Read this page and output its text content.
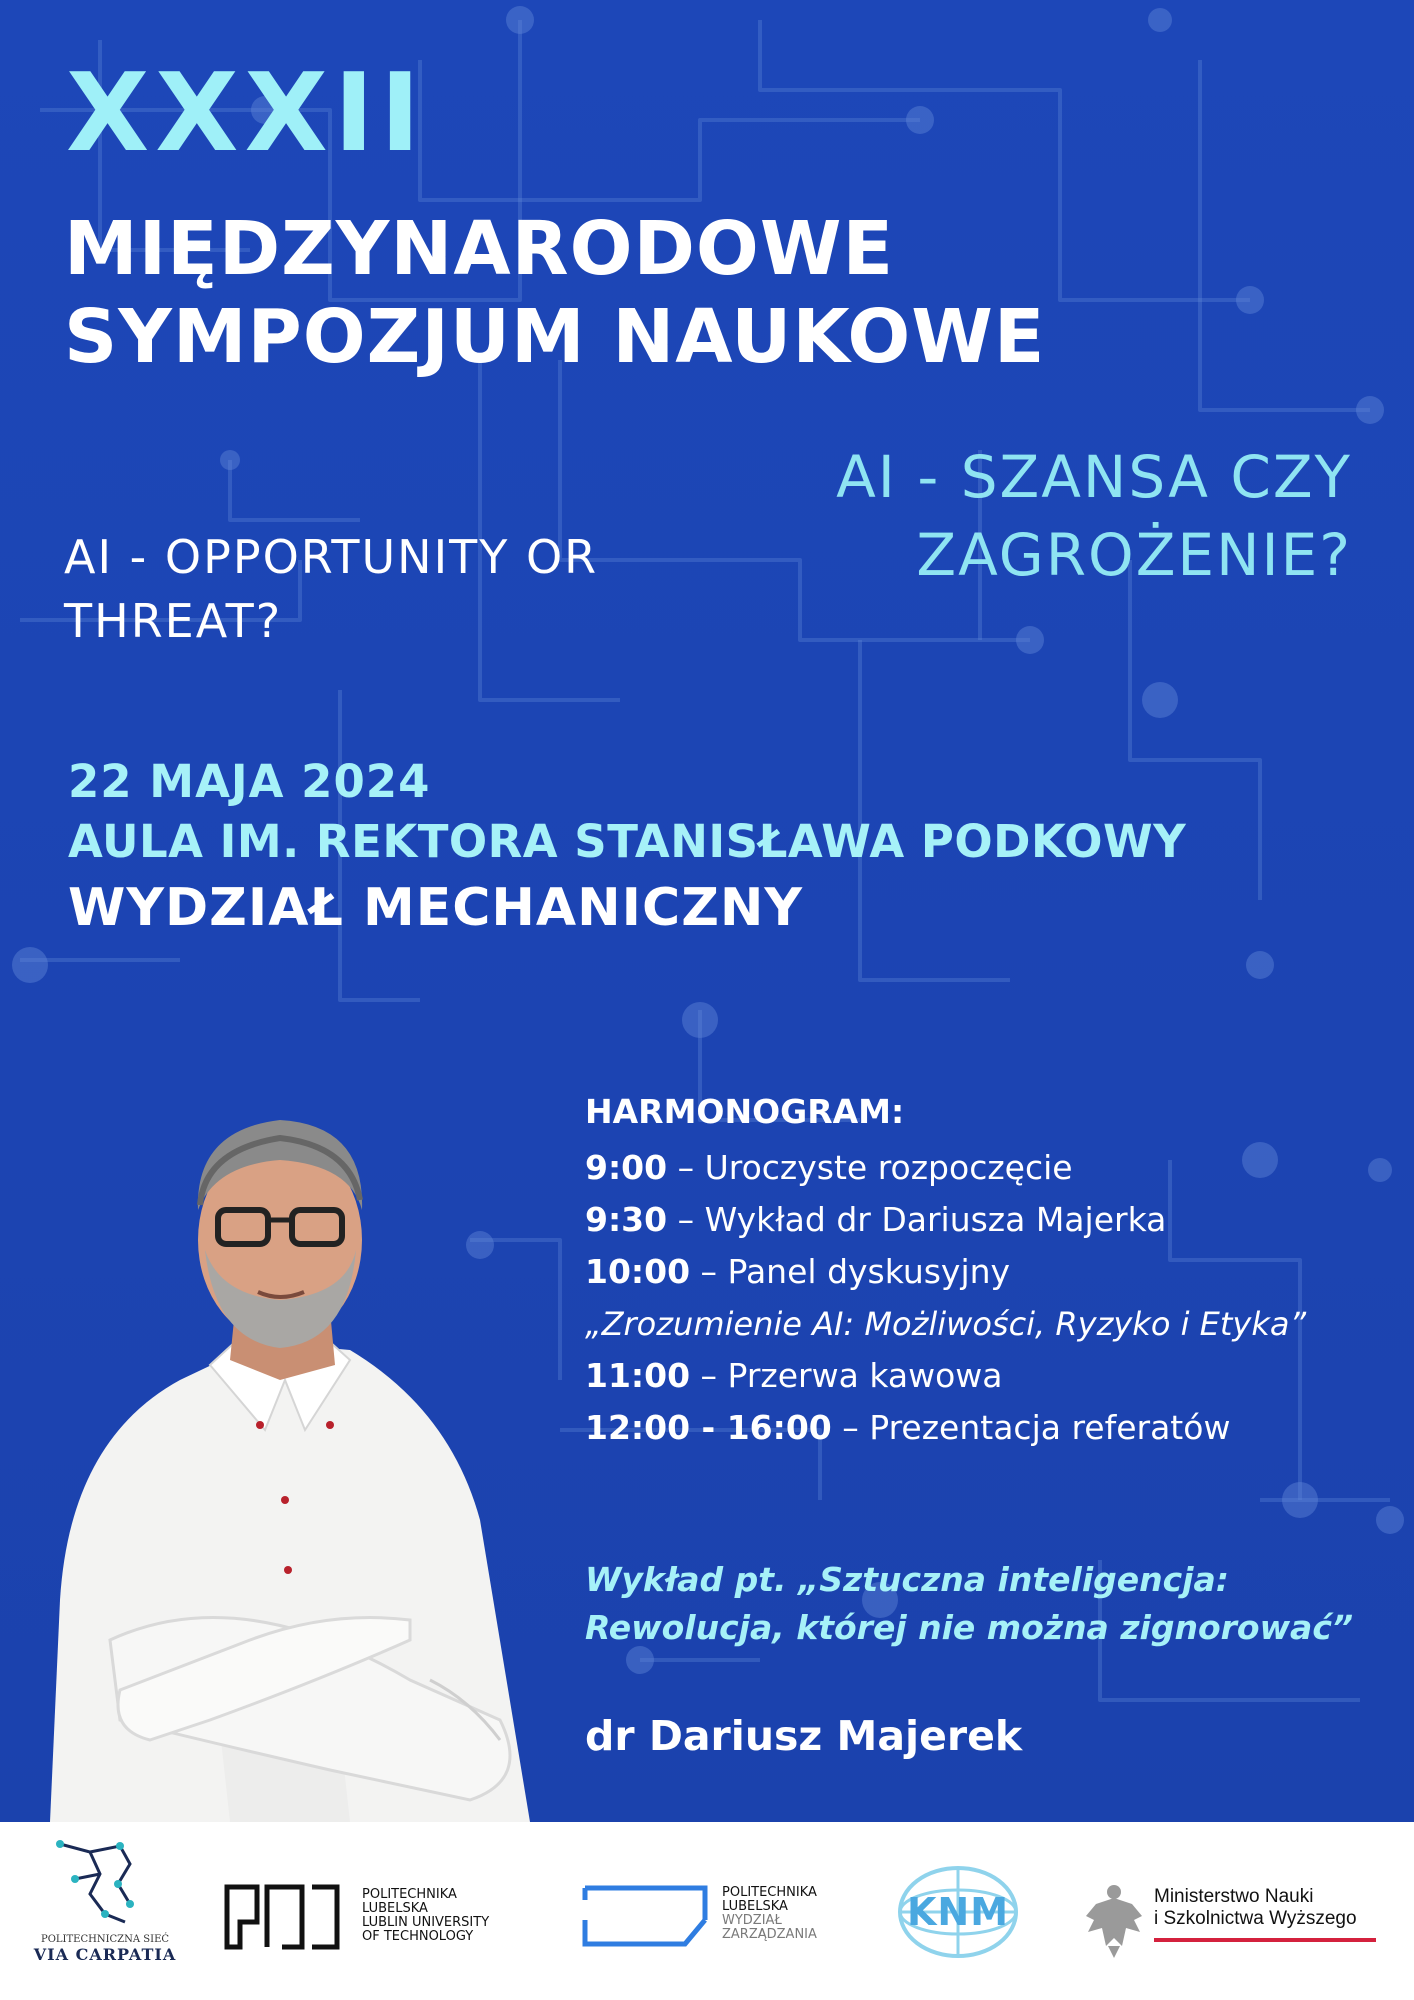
XXXII
MIĘDZYNARODOWE
SYMPOZJUM NAUKOWE
AI - SZANSA CZY
ZAGROŻENIE?
AI - OPPORTUNITY OR
THREAT?
22 MAJA 2024
AULA IM. REKTORA STANISŁAWA PODKOWY
WYDZIAŁ MECHANICZNY
HARMONOGRAM:
9:00 – Uroczyste rozpoczęcie
9:30 – Wykład dr Dariusza Majerka
10:00 – Panel dyskusyjny
„Zrozumienie AI: Możliwości, Ryzyko i Etyka”
11:00 – Przerwa kawowa
12:00 - 16:00 – Prezentacja referatów
Wykład pt. „Sztuczna inteligencja:
Rewolucja, której nie można zignorować”
dr Dariusz Majerek
POLITECHNICZNA SIEĆ
VIA CARPATIA
POLITECHNIKA
LUBELSKA
LUBLIN UNIVERSITY
OF TECHNOLOGY
POLITECHNIKA
LUBELSKA
WYDZIAŁ
ZARZĄDZANIA
KNM	Ministerstwo Nauki
i Szkolnictwa Wyższego
